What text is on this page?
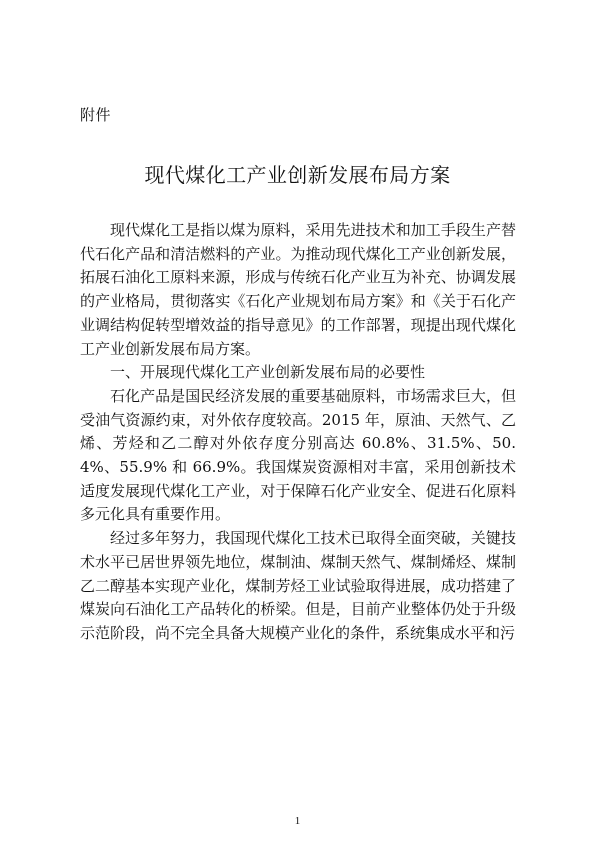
附件
现代煤化工产业创新发展布局方案

现代煤化工是指以煤为原料，采用先进技术和加工手段生产替代石化产品和清洁燃料的产业。为推动现代煤化工产业创新发展，拓展石油化工原料来源，形成与传统石化产业互为补充、协调发展的产业格局，贯彻落实《石化产业规划布局方案》和《关于石化产业调结构促转型增效益的指导意见》的工作部署，现提出现代煤化工产业创新发展布局方案。

一、开展现代煤化工产业创新发展布局的必要性

石化产品是国民经济发展的重要基础原料，市场需求巨大，但受油气资源约束，对外依存度较高。2015 年，原油、天然气、乙烯、芳烃和乙二醇对外依存度分别高达 60.8%、31.5%、50.4%、55.9% 和 66.9%。我国煤炭资源相对丰富，采用创新技术适度发展现代煤化工产业，对于保障石化产业安全、促进石化原料多元化具有重要作用。

经过多年努力，我国现代煤化工技术已取得全面突破，关键技术水平已居世界领先地位，煤制油、煤制天然气、煤制烯烃、煤制乙二醇基本实现产业化，煤制芳烃工业试验取得进展，成功搭建了煤炭向石油化工产品转化的桥梁。但是，目前产业整体仍处于升级示范阶段，尚不完全具备大规模产业化的条件，系统集成水平和污

1
